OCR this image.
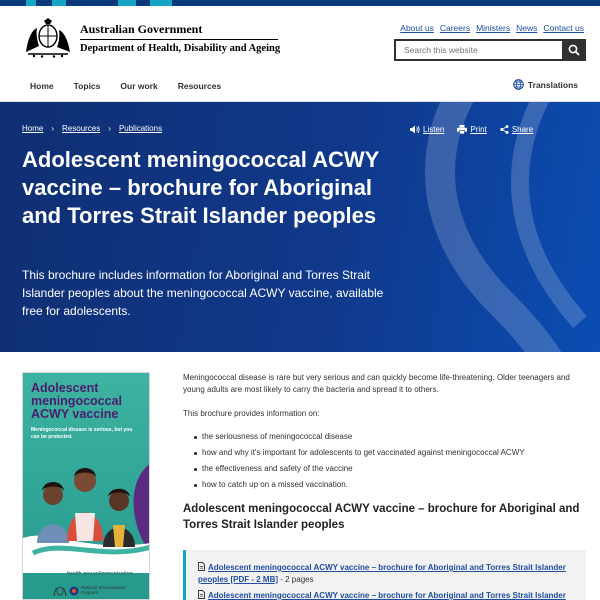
Australian Government
Department of Health, Disability and Ageing
About us Careers Ministers News Contact us
Search this website
Home Topics Our work Resources	Translations
Home › Resources › Publications	Listen	Print	Share
Adolescent meningococcal ACWY vaccine – brochure for Aboriginal and Torres Strait Islander peoples

This brochure includes information for Aboriginal and Torres Strait Islander peoples about the meningococcal ACWY vaccine, available free for adolescents.

Adolescent meningococcal ACWY vaccine
Meningococcal disease is serious, but you can be protected.
health.gov.au/immunisation
National Immunisation Program

Meningococcal disease is rare but very serious and can quickly become life-threatening. Older teenagers and young adults are most likely to carry the bacteria and spread it to others.

This brochure provides information on:

the seriousness of meningococcal disease
how and why it's important for adolescents to get vaccinated against meningococcal ACWY
the effectiveness and safety of the vaccine
how to catch up on a missed vaccination.
Adolescent meningococcal ACWY vaccine – brochure for Aboriginal and Torres Strait Islander peoples
Adolescent meningococcal ACWY vaccine – brochure for Aboriginal and Torres Strait Islander peoples [PDF - 2 MB] - 2 pages
Adolescent meningococcal ACWY vaccine – brochure for Aboriginal and Torres Strait Islander
